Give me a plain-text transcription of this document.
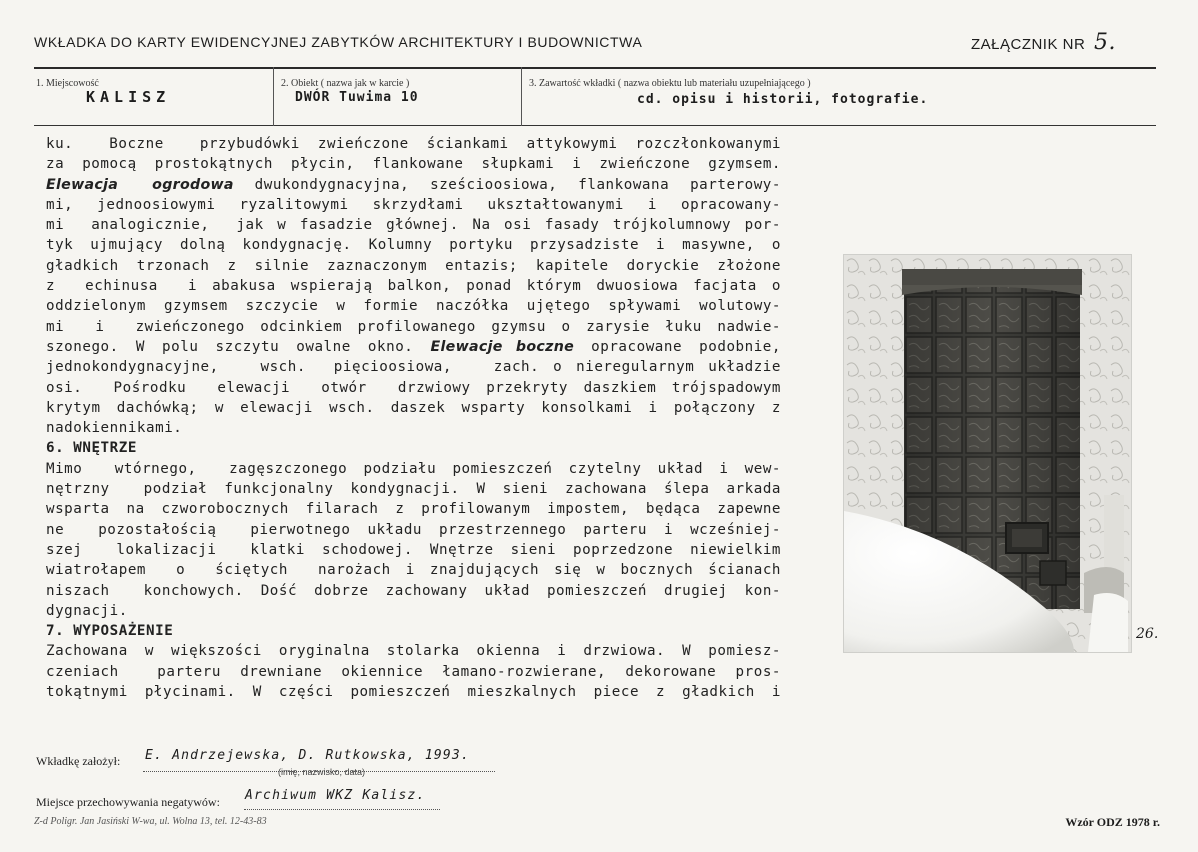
WKŁADKA DO KARTY EWIDENCYJNEJ ZABYTKÓW ARCHITEKTURY I BUDOWNICTWA	ZAŁĄCZNIK NR 5.
1. Miejscowość
KALISZ
2. Obiekt ( nazwa jak w karcie )
DWÓR Tuwima 10
3. Zawartość wkładki ( nazwa obiektu lub materiału uzupełniającego )
cd. opisu i historii, fotografie.
ku.  Boczne  przybudówki zwieńczone ściankami attykowymi rozczłonkowanymi
za pomocą prostokątnych płycin, flankowane słupkami i zwieńczone gzymsem.
Elewacja  ogrodowa dwukondygnacyjna, sześcioosiowa, flankowana parterowy-
mi, jednoosiowymi ryzalitowymi skrzydłami ukształtowanymi i opracowany-
mi  analogicznie,  jak w fasadzie głównej. Na osi fasady trójkolumnowy por-
tyk ujmujący dolną kondygnację. Kolumny portyku przysadziste i masywne, o
gładkich trzonach z silnie zaznaczonym entazis; kapitele doryckie złożone
z  echinusa  i abakusa wspierają balkon, ponad którym dwuosiowa facjata o
oddzielonym gzymsem szczycie w formie naczółka ujętego spływami wolutowy-
mi  i  zwieńczonego odcinkiem profilowanego gzymsu o zarysie łuku nadwie-
szonego. W polu szczytu owalne okno. Elewacje boczne opracowane podobnie,
jednokondygnacyjne,   wsch.  pięcioosiowa,   zach. o nieregularnym układzie
osi.  Pośrodku  elewacji  otwór  drzwiowy przekryty daszkiem trójspadowym
krytym dachówką; w elewacji wsch. daszek wsparty konsolkami i połączony z
nadokiennikami.
6. WNĘTRZE
Mimo  wtórnego,  zagęszczonego podziału pomieszczeń czytelny układ i wew-
nętrzny  podział funkcjonalny kondygnacji. W sieni zachowana ślepa arkada
wsparta na czworobocznych filarach z profilowanym impostem, będąca zapewne
ne  pozostałością  pierwotnego układu przestrzennego parteru i wcześniej-
szej  lokalizacji  klatki schodowej. Wnętrze sieni poprzedzone niewielkim
wiatrołapem  o  ściętych  narożach i znajdujących się w bocznych ścianach
niszach  konchowych. Dość dobrze zachowany układ pomieszczeń drugiej kon-
dygnacji.
7. WYPOSAŻENIE
Zachowana w większości oryginalna stolarka okienna i drzwiowa. W pomiesz-
czeniach  parteru drewniane okiennice łamano-rozwierane, dekorowane pros-
tokątnymi płycinami. W części pomieszczeń mieszkalnych piece z gładkich i
26.
Wkładkę założył: E. Andrzejewska, D. Rutkowska, 1993.
(imię, nazwisko, data)
Miejsce przechowywania negatywów: Archiwum WKZ Kalisz.
Z-d Poligr. Jan Jasiński W-wa, ul. Wolna 13, tel. 12-43-83	Wzór ODZ 1978 r.
